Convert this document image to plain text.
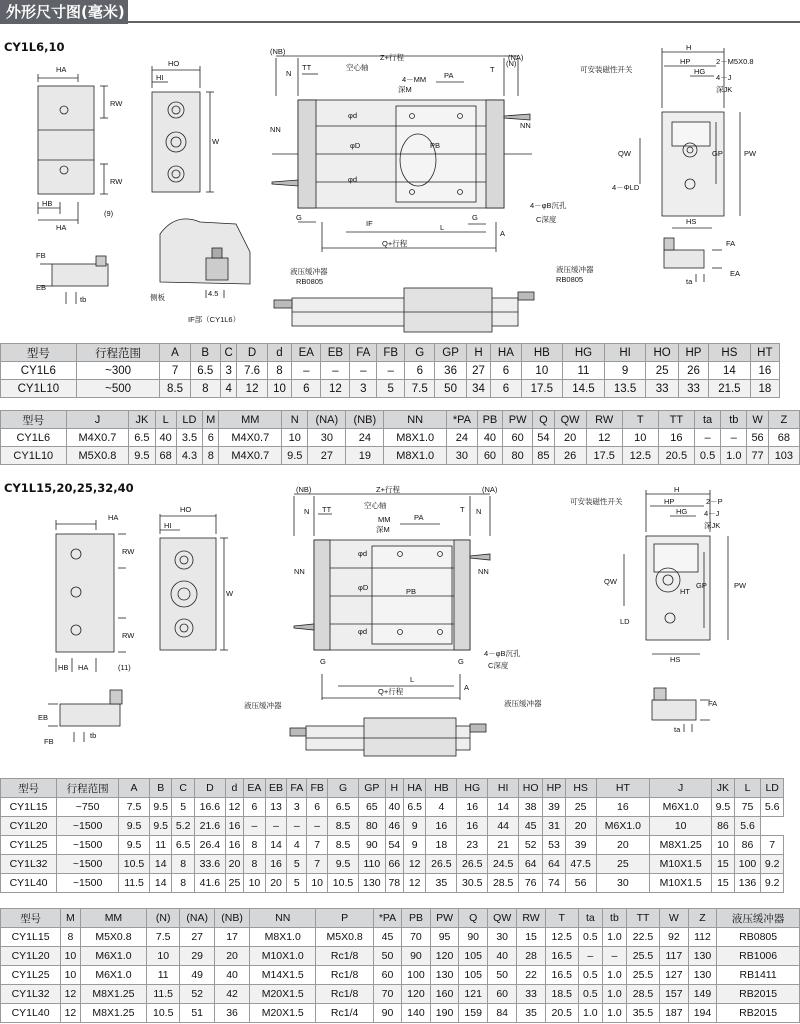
外形尺寸图(毫米)
CY1L6,10
HA
RW
RW
HB
HA
(9)
FB
EB
tb
HO
HI
W
4.5
侧板
IF部（CY1L6）
(NB)
Z+行程	(NA)
N
TT	空心轴
4－MM
深M
PA
T
(N)
NN	NN
φd
φD
φd
PB
4－φB沉孔
C深度
G
IF
G
L
A
Q+行程
液压缓冲器
RB0805
液压缓冲器
RB0805
H
HP	2－M5X0.8
HG
4－J
深JK
可安装磁性开关
QW	GP	PW
4－ΦLD
HS
FA
EA
ta
型号	行程范围	A	B	C	D	d	EA	EB	FA	FB	G	GP	H	HA	HB	HG	HI	HO	HP	HS	HT
CY1L6	~300	7	6.5	3	7.6	8	–	–	–	–	6	36	27	6	10	11	9	25	26	14	16
CY1L10	~500	8.5	8	4	12	10	6	12	3	5	7.5	50	34	6	17.5	14.5	13.5	33	33	21.5	18
型号	J	JK	L	LD	M	MM	N	(NA)	(NB)	NN	*PA	PB	PW	Q	QW	RW	T	TT	ta	tb	W	Z
CY1L6	M4X0.7	6.5	40	3.5	6	M4X0.7	10	30	24	M8X1.0	24	40	60	54	20	12	10	16	–	–	56	68
CY1L10	M5X0.8	9.5	68	4.3	8	M4X0.7	9.5	27	19	M8X1.0	30	60	80	85	26	17.5	12.5	20.5	0.5	1.0	77	103
CY1L15,20,25,32,40
HA
RW
RW
HB HA	(11)
EB
FB
tb
HO
HI
W
(NB)	Z+行程	(NA)
N TT	空心轴
MM
深M
PA
T N
NN	NN
φd
φD	PB
φd
4－φB沉孔
C深度
G	G
L
A
Q+行程
液压缓冲器	液压缓冲器
H
HP	2－P
HG 4－J
深JK
可安装磁性开关
QW	GP	PW
HT
LD
HS
FA
ta
型号	行程范围	A	B	C	D	d	EA	EB	FA	FB	G	GP	H	HA	HB	HG	HI	HO	HP	HS	HT	J	JK	L	LD
CY1L15	~750	7.5	9.5	5	16.6	12	6	13	3	6	6.5	65	40	6.5	4	16	14	38	39	25	16	M6X1.0	9.5	75	5.6
CY1L20	~1500	9.5	9.5	5.2	21.6	16	–	–	–	–	8.5	80	46	9	16	16	44	45	31	20	M6X1.0	10	86	5.6	
CY1L25	~1500	9.5	11	6.5	26.4	16	8	14	4	7	8.5	90	54	9	18	23	21	52	53	39	20	M8X1.25	10	86	7
CY1L32	~1500	10.5	14	8	33.6	20	8	16	5	7	9.5	110	66	12	26.5	26.5	24.5	64	64	47.5	25	M10X1.5	15	100	9.2
CY1L40	~1500	11.5	14	8	41.6	25	10	20	5	10	10.5	130	78	12	35	30.5	28.5	76	74	56	30	M10X1.5	15	136	9.2
型号	M	MM	(N)	(NA)	(NB)	NN	P	*PA	PB	PW	Q	QW	RW	T	ta	tb	TT	W	Z	液压缓冲器
CY1L15	8	M5X0.8	7.5	27	17	M8X1.0	M5X0.8	45	70	95	90	30	15	12.5	0.5	1.0	22.5	92	112	RB0805
CY1L20	10	M6X1.0	10	29	20	M10X1.0	Rc1/8	50	90	120	105	40	28	16.5	–	–	25.5	117	130	RB1006
CY1L25	10	M6X1.0	11	49	40	M14X1.5	Rc1/8	60	100	130	105	50	22	16.5	0.5	1.0	25.5	127	130	RB1411
CY1L32	12	M8X1.25	11.5	52	42	M20X1.5	Rc1/8	70	120	160	121	60	33	18.5	0.5	1.0	28.5	157	149	RB2015
CY1L40	12	M8X1.25	10.5	51	36	M20X1.5	Rc1/4	90	140	190	159	84	35	20.5	1.0	1.0	35.5	187	194	RB2015
